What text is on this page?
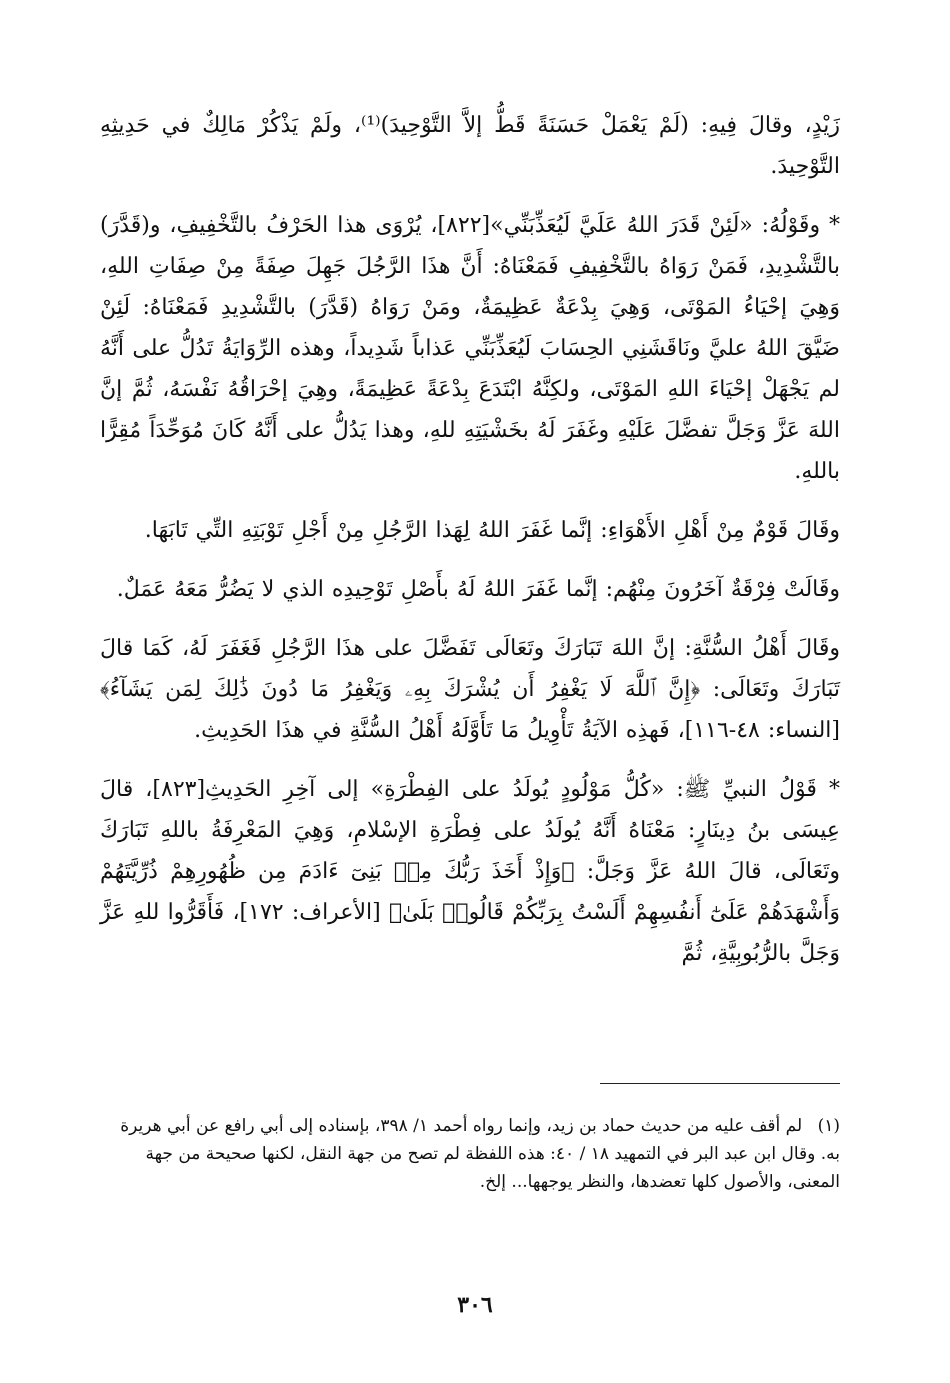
زَيْدٍ، وقالَ فِيهِ: (لَمْ يَعْمَلْ حَسَنَةً قَطُّ إلاَّ التَّوْحِيدَ)⁽¹⁾، ولَمْ يَذْكُرْ مَالِكٌ في حَدِيثِهِ التَّوْحِيدَ.

* وقَوْلُهُ: «لَئِنْ قَدَرَ اللهُ عَلَيَّ لَيُعَذِّبَنِّي»[٨٢٢]، يُرْوَى هذا الحَرْفُ بالتَّخْفِيفِ، و(قَدَّرَ) بالتَّشْدِيدِ، فَمَنْ رَوَاهُ بالتَّخْفِيفِ فَمَعْنَاهُ: أَنَّ هذَا الرَّجُلَ جَهِلَ صِفَةً مِنْ صِفَاتِ اللهِ، وَهِيَ إحْيَاءُ المَوْتَى، وَهِيَ بِدْعَةٌ عَظِيمَةٌ، ومَنْ رَوَاهُ (قَدَّرَ) بالتَّشْدِيدِ فَمَعْنَاهُ: لَئِنْ ضَيَّقَ اللهُ عليَّ ونَاقَشَنِي الحِسَابَ لَيُعَذِّبَنِّي عَذاباً شَدِيداً، وهذه الرِّوَايَةُ تَدُلُّ على أَنَّهُ لم يَجْهَلْ إحْيَاءَ اللهِ المَوْتَى، ولكِنَّهُ ابْتَدَعَ بِدْعَةً عَظِيمَةً، وهِيَ إحْرَاقُهُ نَفْسَهُ، ثُمَّ إنَّ اللهَ عَزَّ وَجَلَّ تفضَّلَ عَلَيْهِ وغَفَرَ لَهُ بخَشْيَتِهِ للهِ، وهذا يَدُلُّ على أَنَّهُ كَانَ مُوَحِّدَاً مُقِرًّا باللهِ.

وقَالَ قَوْمٌ مِنْ أَهْلِ الأَهْوَاءِ: إنَّما غَفَرَ اللهُ لِهَذا الرَّجُلِ مِنْ أَجْلِ تَوْبَتِهِ التِّي تَابَهَا.

وقَالَتْ فِرْقَةٌ آخَرُونَ مِنْهُم: إنَّما غَفَرَ اللهُ لَهُ بأَصْلِ تَوْحِيدِه الذي لا يَضُرُّ مَعَهُ عَمَلٌ.

وقَالَ أَهْلُ السُّنَّةِ: إنَّ اللهَ تَبَارَكَ وتَعَالَى تَفَضَّلَ على هذَا الرَّجُلِ فَغَفَرَ لَهُ، كَمَا قالَ تَبَارَكَ وتَعَالَى: ﴿إِنَّ ٱللَّهَ لَا يَغْفِرُ أَن يُشْرَكَ بِهِۦ وَيَغْفِرُ مَا دُونَ ذَٰلِكَ لِمَن يَشَآءُ﴾ [النساء: ٤٨-١١٦]، فَهذِه الآيَةُ تَأْوِيلُ مَا تَأَوَّلَهُ أَهْلُ السُّنَّةِ في هذَا الحَدِيثِ.

* قَوْلُ النبيِّ ﷺ: «كُلُّ مَوْلُودٍ يُولَدُ على الفِطْرَةِ» إلى آخِرِ الحَدِيثِ[٨٢٣]، قالَ عِيسَى بنُ دِينَارٍ: مَعْنَاهُ أَنَّهُ يُولَدُ على فِطْرَةِ الإسْلامِ، وَهِيَ المَعْرِفَةُ باللهِ تَبَارَكَ وتَعَالَى، قالَ اللهُ عَزَّ وَجَلَّ: ﴿وَإِذْ أَخَذَ رَبُّكَ مِنۢ بَنِىٓ ءَادَمَ مِن ظُهُورِهِمْ ذُرِّيَّتَهُمْ وَأَشْهَدَهُمْ عَلَىٰٓ أَنفُسِهِمْ أَلَسْتُ بِرَبِّكُمْ قَالُوا۟ بَلَىٰ﴾ [الأعراف: ١٧٢]، فَأَقَرُّوا للهِ عَزَّ وَجَلَّ بالرُّبُوبِيَّةِ، ثُمَّ

(١) لم أقف عليه من حديث حماد بن زيد، وإنما رواه أحمد ١/ ٣٩٨، بإسناده إلى أبي رافع عن أبي هريرة به. وقال ابن عبد البر في التمهيد ١٨ / ٤٠: هذه اللفظة لم تصح من جهة النقل، لكنها صحيحة من جهة المعنى، والأصول كلها تعضدها، والنظر يوجهها... إلخ.
٣٠٦
